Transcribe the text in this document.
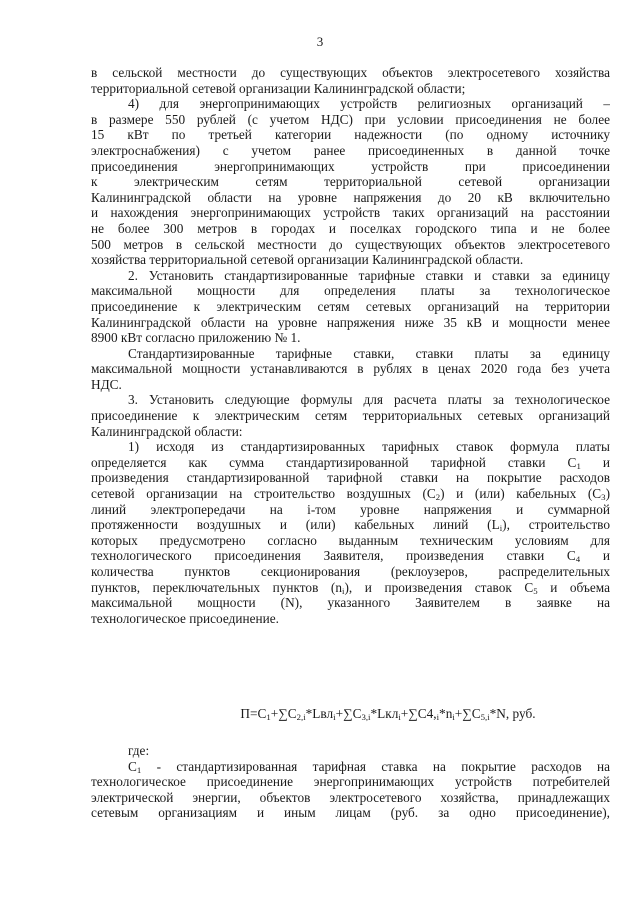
3

в сельской местности до существующих объектов электросетевого хозяйства

территориальной сетевой организации Калининградской области;

4) для энергопринимающих устройств религиозных организаций –

в размере 550 рублей (с учетом НДС) при условии присоединения не более

15 кВт по третьей категории надежности (по одному источнику

электроснабжения) с учетом ранее присоединенных в данной точке

присоединения энергопринимающих устройств при присоединении

к электрическим сетям территориальной сетевой организации

Калининградской области на уровне напряжения до 20 кВ включительно

и нахождения энергопринимающих устройств таких организаций на расстоянии

не более 300 метров в городах и поселках городского типа и не более

500 метров в сельской местности до существующих объектов электросетевого

хозяйства территориальной сетевой организации Калининградской области.

2. Установить стандартизированные тарифные ставки и ставки за единицу

максимальной мощности для определения платы за технологическое

присоединение к электрическим сетям сетевых организаций на территории

Калининградской области на уровне напряжения ниже 35 кВ и мощности менее

8900 кВт согласно приложению № 1.

Стандартизированные тарифные ставки, ставки платы за единицу

максимальной мощности устанавливаются в рублях в ценах 2020 года без учета

НДС.

3. Установить следующие формулы для расчета платы за технологическое

присоединение к электрическим сетям территориальных сетевых организаций

Калининградской области:

1) исходя из стандартизированных тарифных ставок формула платы

определяется как сумма стандартизированной тарифной ставки $С_1$ и

произведения стандартизированной тарифной ставки на покрытие расходов

сетевой организации на строительство воздушных $(С_2)$ и (или) кабельных $(С_3)$

линий электропередачи на i-том уровне напряжения и суммарной

протяженности воздушных и (или) кабельных линий $(L_i)$, строительство

которых предусмотрено согласно выданным техническим условиям для

технологического присоединения Заявителя, произведения ставки $С_4$ и

количества пунктов секционирования (реклоузеров, распределительных

пунктов, переключательных пунктов $(n_i)$, и произведения ставок $С_5$ и объема

максимальной мощности (N), указанного Заявителем в заявке на

технологическое присоединение.

$П=С_1+\sum С_{2,i}*Lвл_i+\sum С_{3,i}*Lкл_i+\sum С4,_i*n_i+\sum С_{5,i}*N$, руб.

где:

$С_1$ - стандартизированная тарифная ставка на покрытие расходов на

технологическое присоединение энергопринимающих устройств потребителей

электрической энергии, объектов электросетевого хозяйства, принадлежащих

сетевым организациям и иным лицам (руб. за одно присоединение),
